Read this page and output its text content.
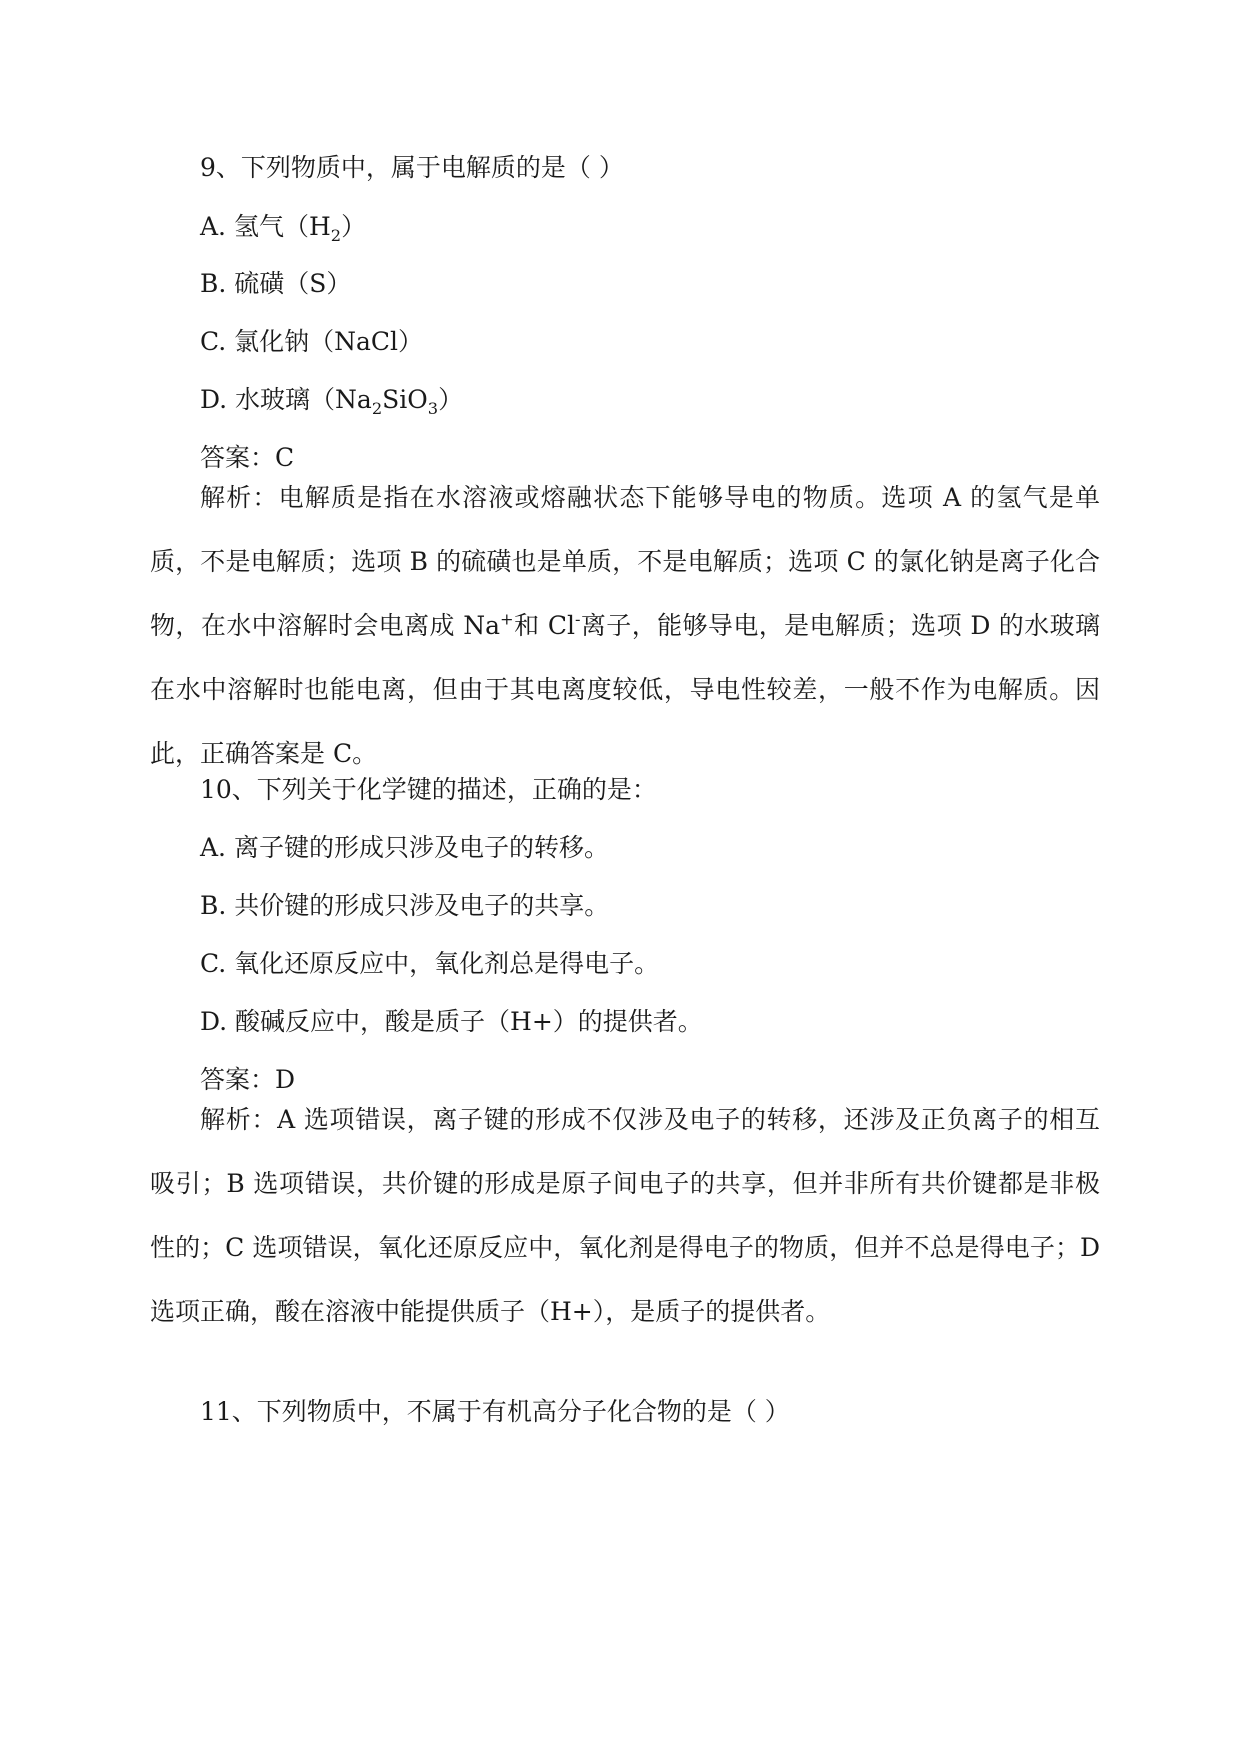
9、下列物质中，属于电解质的是（ ）
A. 氢气$(H_2)$
B. 硫磺（S）
C. 氯化钠（NaCl）
D. 水玻璃$(Na_2SiO_3)$
答案：C
解析：电解质是指在水溶液或熔融状态下能够导电的物质。选项 A 的氢气是单质，不是电解质；选项 B 的硫磺也是单质，不是电解质；选项 C 的氯化钠是离子化合物，在水中溶解时会电离成 Na+和 Cl-离子，能够导电，是电解质；选项 D 的水玻璃在水中溶解时也能电离，但由于其电离度较低，导电性较差，一般不作为电解质。因此，正确答案是 C。
10、下列关于化学键的描述，正确的是：
A. 离子键的形成只涉及电子的转移。
B. 共价键的形成只涉及电子的共享。
C. 氧化还原反应中，氧化剂总是得电子。
D. 酸碱反应中，酸是质子（H+）的提供者。
答案：D
解析：A 选项错误，离子键的形成不仅涉及电子的转移，还涉及正负离子的相互吸引；B 选项错误，共价键的形成是原子间电子的共享，但并非所有共价键都是非极性的；C 选项错误，氧化还原反应中，氧化剂是得电子的物质，但并不总是得电子；D 选项正确，酸在溶液中能提供质子（H+），是质子的提供者。
11、下列物质中，不属于有机高分子化合物的是（ ）
